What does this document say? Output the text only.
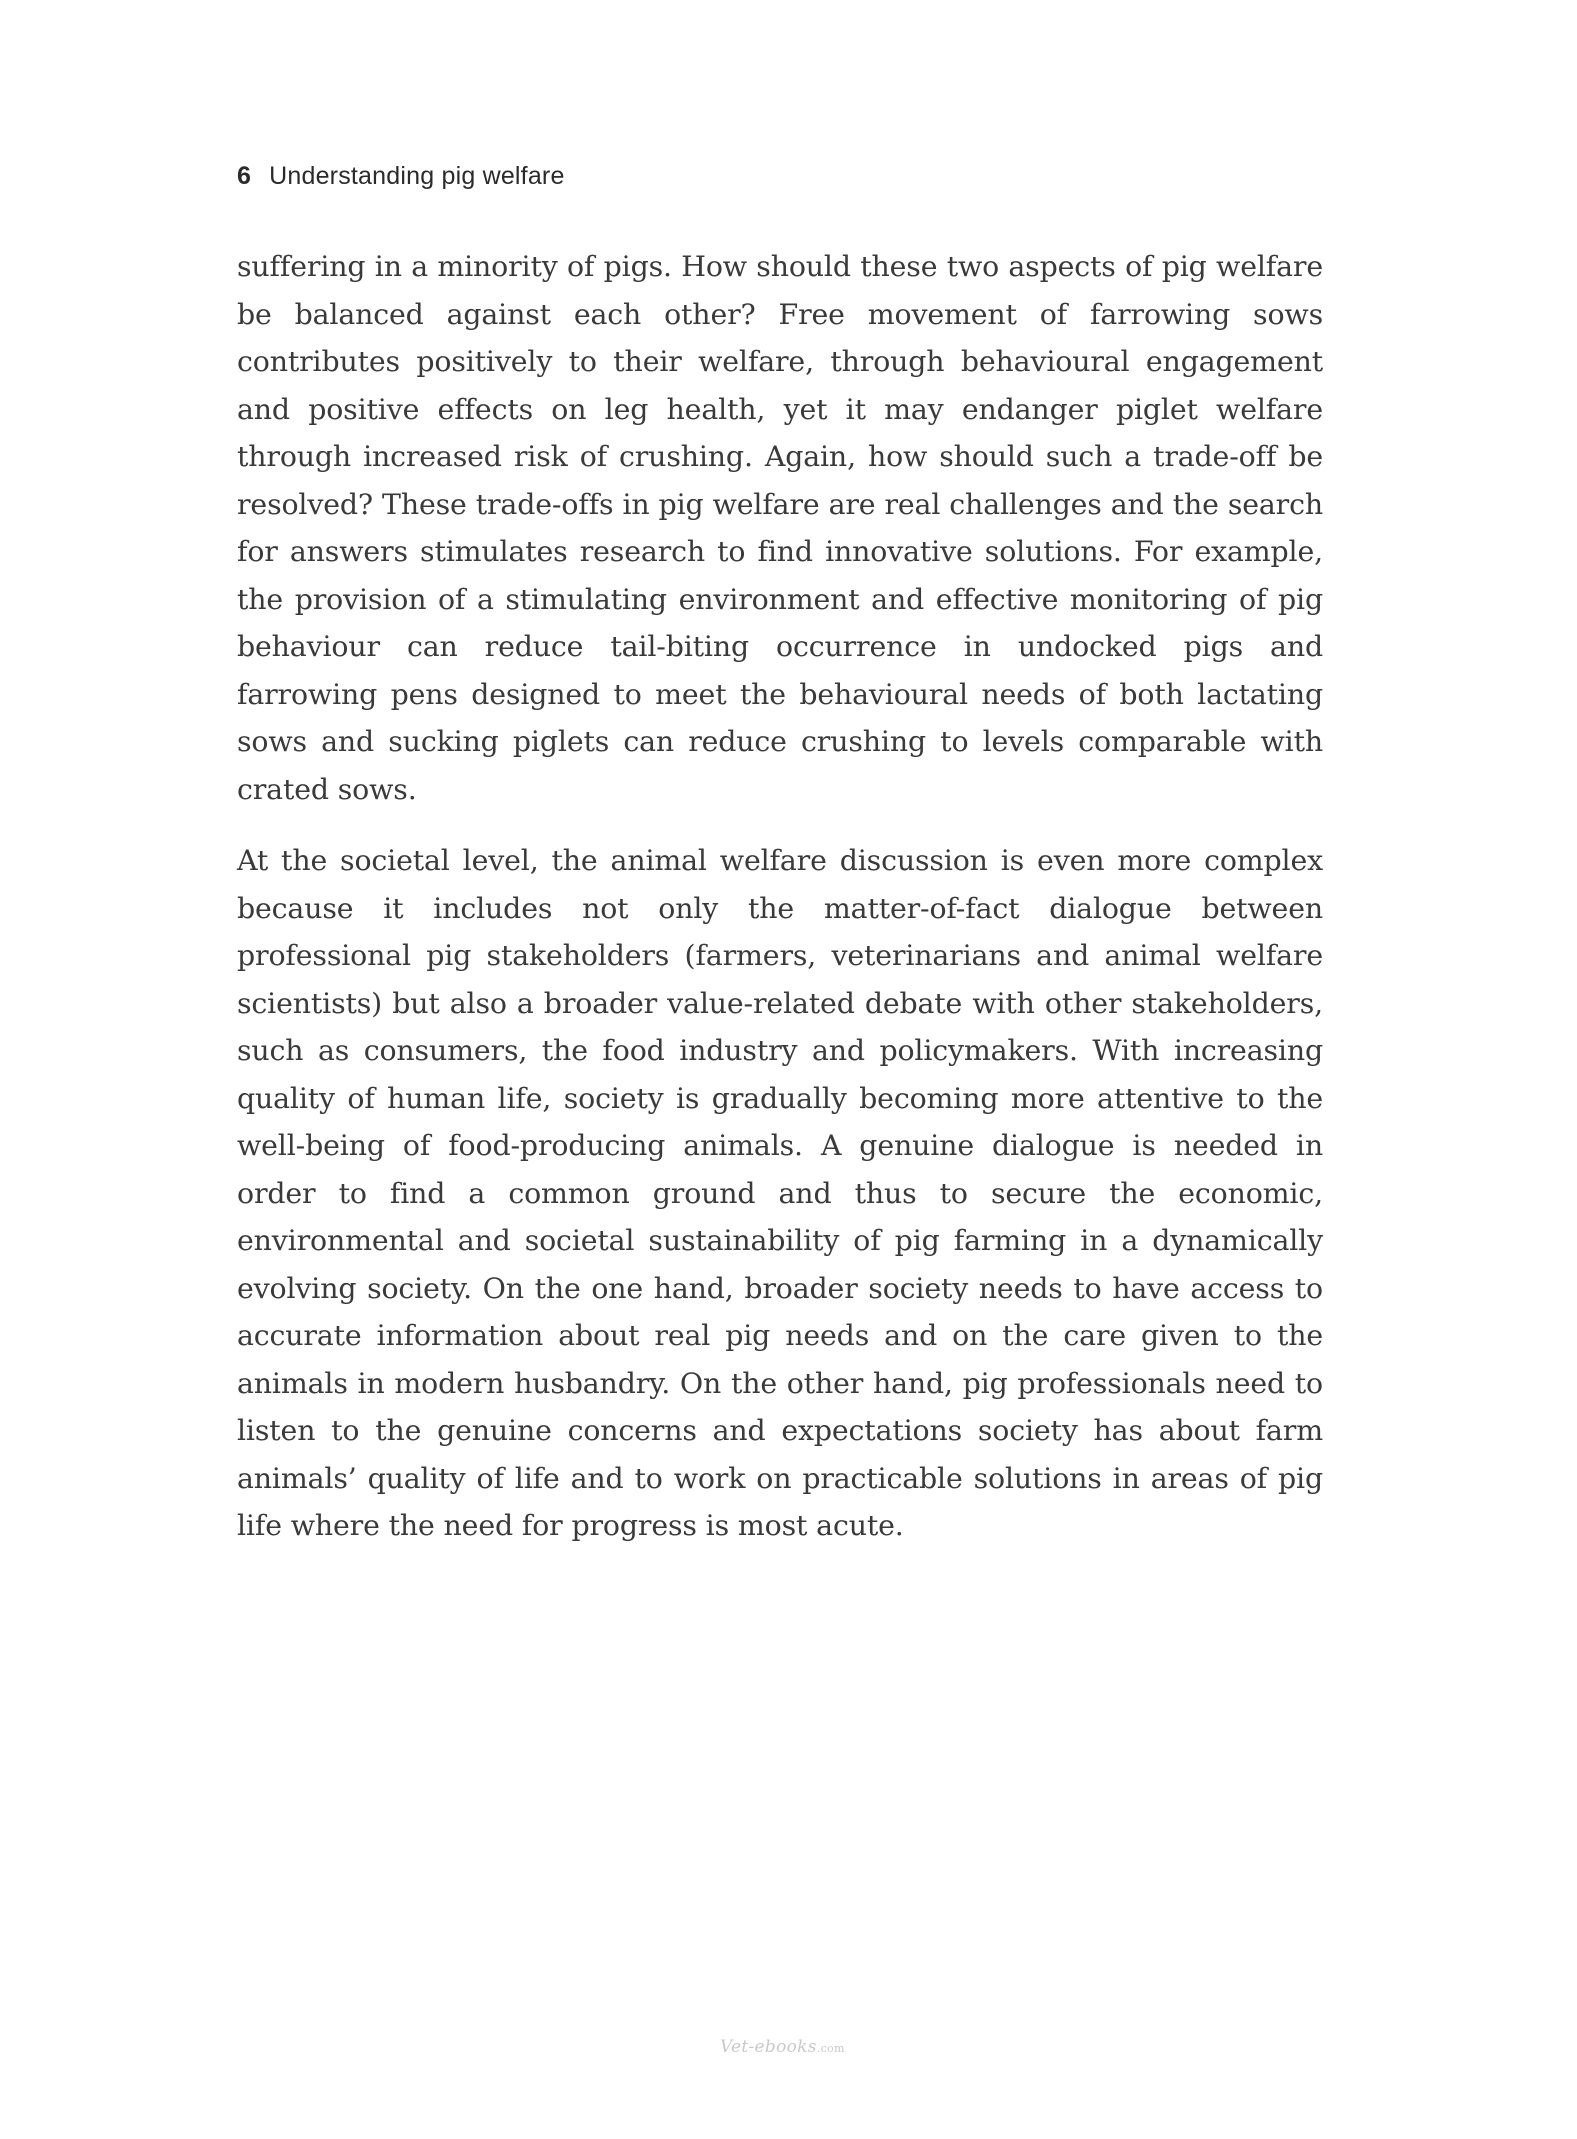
6 Understanding pig welfare

suffering in a minority of pigs. How should these two aspects of pig welfare be balanced against each other? Free movement of farrowing sows contributes positively to their welfare, through behavioural engagement and positive effects on leg health, yet it may endanger piglet welfare through increased risk of crushing. Again, how should such a trade-off be resolved? These trade-offs in pig welfare are real challenges and the search for answers stimulates research to find innovative solutions. For example, the provision of a stimulating environment and effective monitoring of pig behaviour can reduce tail-biting occurrence in undocked pigs and farrowing pens designed to meet the behavioural needs of both lactating sows and sucking piglets can reduce crushing to levels comparable with crated sows.

At the societal level, the animal welfare discussion is even more complex because it includes not only the matter-of-fact dialogue between professional pig stakeholders (farmers, veterinarians and animal welfare scientists) but also a broader value-related debate with other stakeholders, such as consumers, the food industry and policymakers. With increasing quality of human life, society is gradually becoming more attentive to the well-being of food-producing animals. A genuine dialogue is needed in order to find a common ground and thus to secure the economic, environmental and societal sustainability of pig farming in a dynamically evolving society. On the one hand, broader society needs to have access to accurate information about real pig needs and on the care given to the animals in modern husbandry. On the other hand, pig professionals need to listen to the genuine concerns and expectations society has about farm animals’ quality of life and to work on practicable solutions in areas of pig life where the need for progress is most acute.

Vet-ebooks.com
